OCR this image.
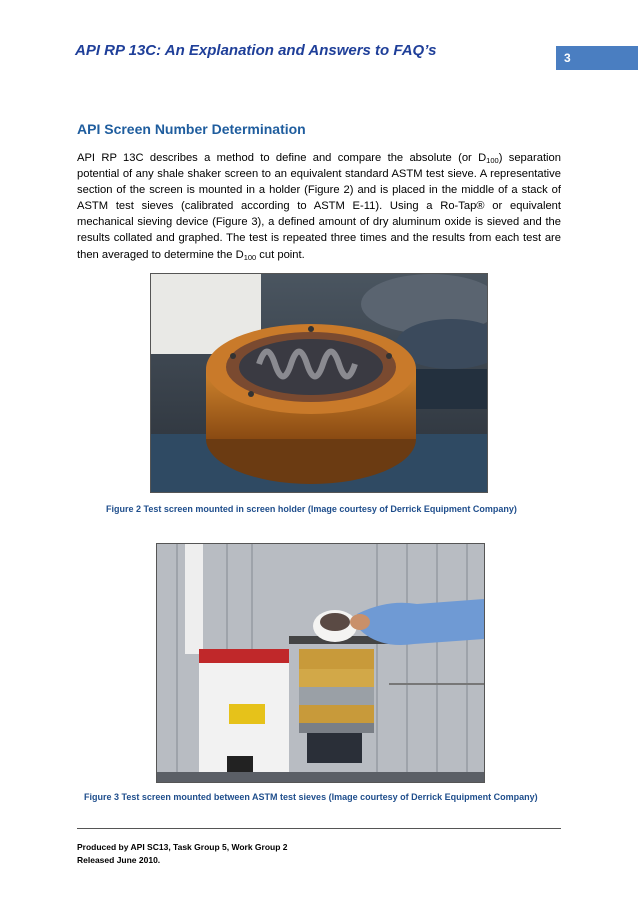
API RP 13C: An Explanation and Answers to FAQ’s	3
API Screen Number Determination

API RP 13C describes a method to define and compare the absolute (or $D_{100}$) separation potential of any shale shaker screen to an equivalent standard ASTM test sieve. A representative section of the screen is mounted in a holder (Figure 2) and is placed in the middle of a stack of ASTM test sieves (calibrated according to ASTM E-11). Using a Ro-Tap® or equivalent mechanical sieving device (Figure 3), a defined amount of dry aluminum oxide is sieved and the results collated and graphed. The test is repeated three times and the results from each test are then averaged to determine the $D_{100}$ cut point.

Figure 2 Test screen mounted in screen holder (Image courtesy of Derrick Equipment Company)
Figure 3 Test screen mounted between ASTM test sieves (Image courtesy of Derrick Equipment Company)
Produced by API SC13, Task Group 5, Work Group 2
Released June 2010.
